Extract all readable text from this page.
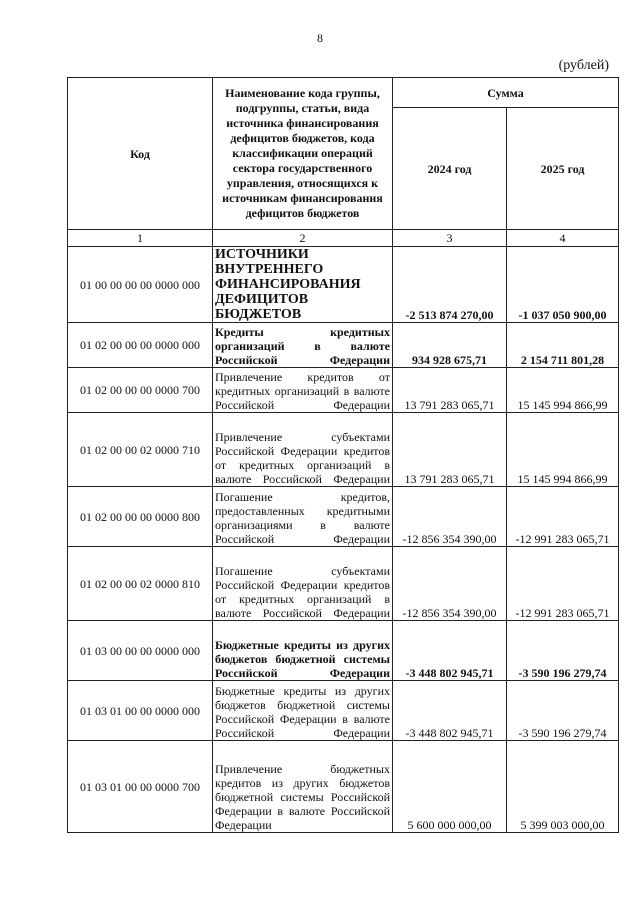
8
(рублей)
Код	Наименование кода группы, подгруппы, статьи, вида источника финансирования дефицитов бюджетов, кода классификации операций сектора государственного управления, относящихся к источникам финансирования дефицитов бюджетов	Сумма	
		2024 год	2025 год
1	2	3	4
01 00 00 00 00 0000 000	ИСТОЧНИКИ ВНУТРЕННЕГО ФИНАНСИРОВАНИЯ ДЕФИЦИТОВ БЮДЖЕТОВ	-2 513 874 270,00	-1 037 050 900,00
01 02 00 00 00 0000 000	Кредиты кредитных организаций в валюте Российской Федерации	934 928 675,71	2 154 711 801,28
01 02 00 00 00 0000 700	Привлечение кредитов от кредитных организаций в валюте Российской Федерации	13 791 283 065,71	15 145 994 866,99
01 02 00 00 02 0000 710	Привлечение субъектами Российской Федерации кредитов от кредитных организаций в валюте Российской Федерации	13 791 283 065,71	15 145 994 866,99
01 02 00 00 00 0000 800	Погашение кредитов, предоставленных кредитными организациями в валюте Российской Федерации	-12 856 354 390,00	-12 991 283 065,71
01 02 00 00 02 0000 810	Погашение субъектами Российской Федерации кредитов от кредитных организаций в валюте Российской Федерации	-12 856 354 390,00	-12 991 283 065,71
01 03 00 00 00 0000 000	Бюджетные кредиты из других бюджетов бюджетной системы Российской Федерации	-3 448 802 945,71	-3 590 196 279,74
01 03 01 00 00 0000 000	Бюджетные кредиты из других бюджетов бюджетной системы Российской Федерации в валюте Российской Федерации	-3 448 802 945,71	-3 590 196 279,74
01 03 01 00 00 0000 700	Привлечение бюджетных кредитов из других бюджетов бюджетной системы Российской Федерации в валюте Российской Федерации	5 600 000 000,00	5 399 003 000,00
